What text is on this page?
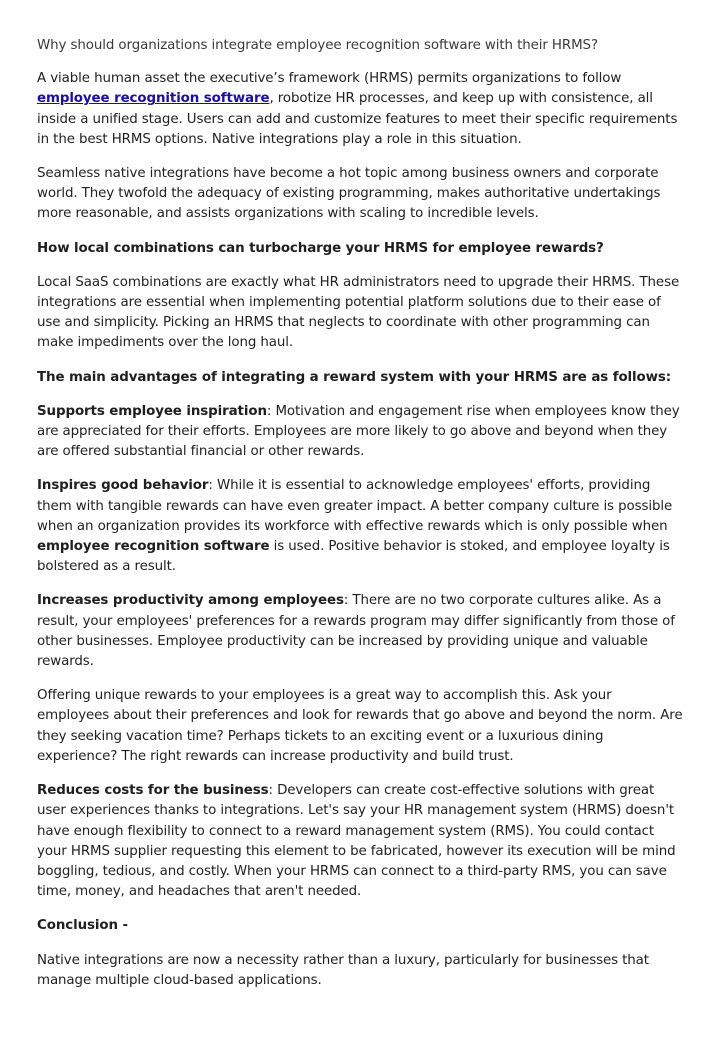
Why should organizations integrate employee recognition software with their HRMS?

A viable human asset the executive’s framework (HRMS) permits organizations to follow employee recognition software, robotize HR processes, and keep up with consistence, all inside a unified stage. Users can add and customize features to meet their specific requirements in the best HRMS options. Native integrations play a role in this situation.

Seamless native integrations have become a hot topic among business owners and corporate world. They twofold the adequacy of existing programming, makes authoritative undertakings more reasonable, and assists organizations with scaling to incredible levels.

How local combinations can turbocharge your HRMS for employee rewards?

Local SaaS combinations are exactly what HR administrators need to upgrade their HRMS. These integrations are essential when implementing potential platform solutions due to their ease of use and simplicity. Picking an HRMS that neglects to coordinate with other programming can make impediments over the long haul.

The main advantages of integrating a reward system with your HRMS are as follows:

Supports employee inspiration: Motivation and engagement rise when employees know they are appreciated for their efforts. Employees are more likely to go above and beyond when they are offered substantial financial or other rewards.

Inspires good behavior: While it is essential to acknowledge employees' efforts, providing them with tangible rewards can have even greater impact. A better company culture is possible when an organization provides its workforce with effective rewards which is only possible when employee recognition software is used. Positive behavior is stoked, and employee loyalty is bolstered as a result.

Increases productivity among employees: There are no two corporate cultures alike. As a result, your employees' preferences for a rewards program may differ significantly from those of other businesses. Employee productivity can be increased by providing unique and valuable rewards.

Offering unique rewards to your employees is a great way to accomplish this. Ask your employees about their preferences and look for rewards that go above and beyond the norm. Are they seeking vacation time? Perhaps tickets to an exciting event or a luxurious dining experience? The right rewards can increase productivity and build trust.

Reduces costs for the business: Developers can create cost-effective solutions with great user experiences thanks to integrations. Let's say your HR management system (HRMS) doesn't have enough flexibility to connect to a reward management system (RMS). You could contact your HRMS supplier requesting this element to be fabricated, however its execution will be mind boggling, tedious, and costly. When your HRMS can connect to a third-party RMS, you can save time, money, and headaches that aren't needed.

Conclusion -

Native integrations are now a necessity rather than a luxury, particularly for businesses that manage multiple cloud-based applications.
